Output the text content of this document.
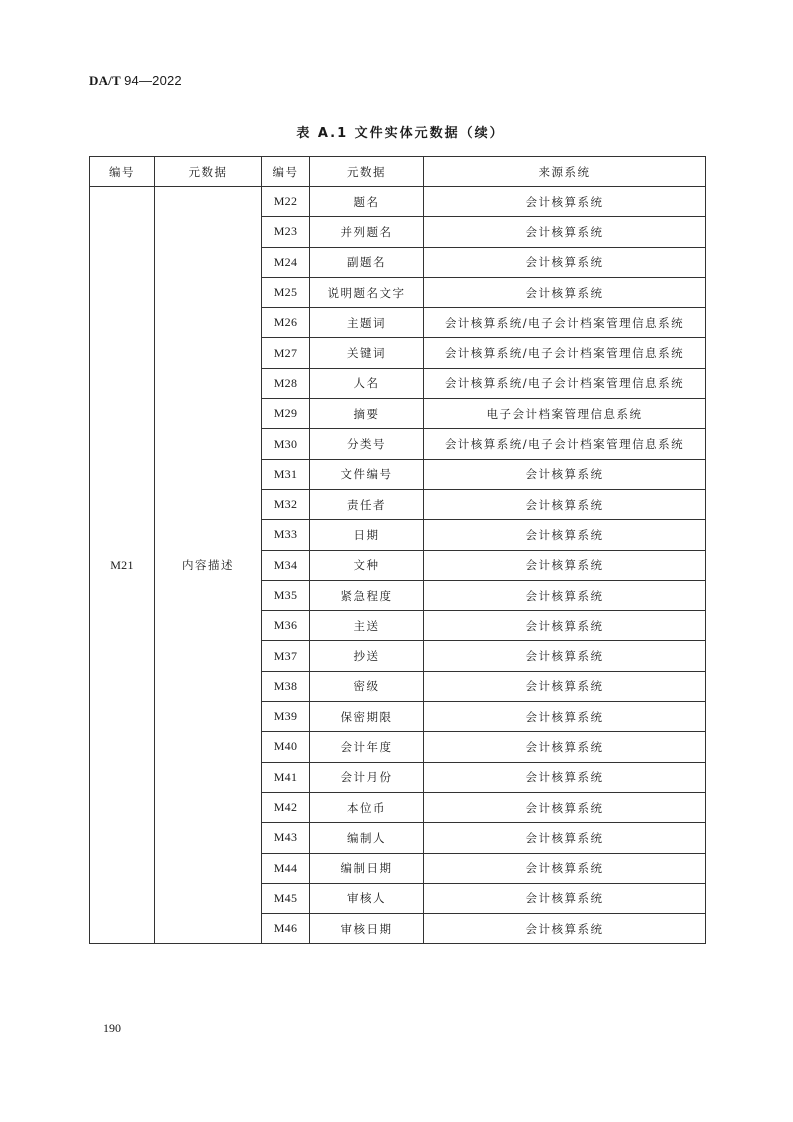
DA/T 94—2022
表 A.1 文件实体元数据（续）
编号	元数据	编号	元数据	来源系统
M21	内容描述	M22	题名	会计核算系统
		M23	并列题名	会计核算系统
		M24	副题名	会计核算系统
		M25	说明题名文字	会计核算系统
		M26	主题词	会计核算系统/电子会计档案管理信息系统
		M27	关键词	会计核算系统/电子会计档案管理信息系统
		M28	人名	会计核算系统/电子会计档案管理信息系统
		M29	摘要	电子会计档案管理信息系统
		M30	分类号	会计核算系统/电子会计档案管理信息系统
		M31	文件编号	会计核算系统
		M32	责任者	会计核算系统
		M33	日期	会计核算系统
		M34	文种	会计核算系统
		M35	紧急程度	会计核算系统
		M36	主送	会计核算系统
		M37	抄送	会计核算系统
		M38	密级	会计核算系统
		M39	保密期限	会计核算系统
		M40	会计年度	会计核算系统
		M41	会计月份	会计核算系统
		M42	本位币	会计核算系统
		M43	编制人	会计核算系统
		M44	编制日期	会计核算系统
		M45	审核人	会计核算系统
		M46	审核日期	会计核算系统
190
